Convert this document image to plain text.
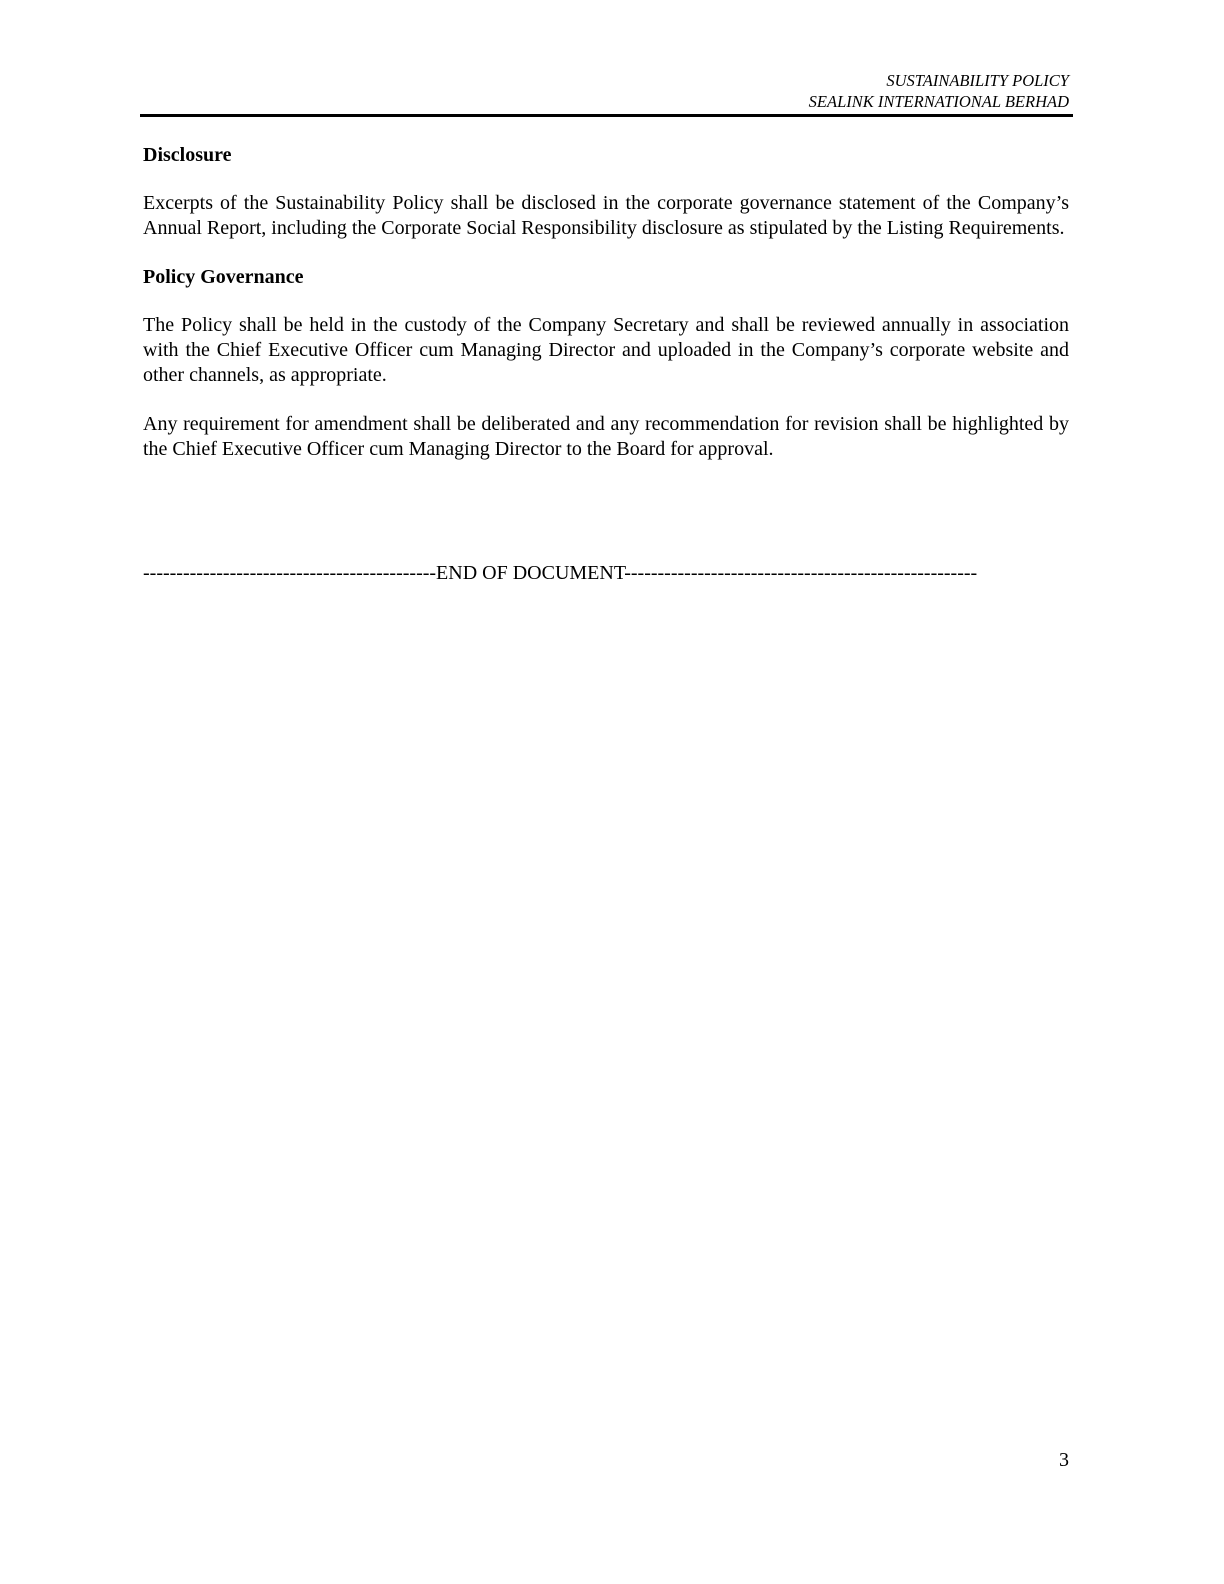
SUSTAINABILITY POLICY
SEALINK INTERNATIONAL BERHAD
Disclosure

Excerpts of the Sustainability Policy shall be disclosed in the corporate governance statement of the Company’s Annual Report, including the Corporate Social Responsibility disclosure as stipulated by the Listing Requirements.

Policy Governance

The Policy shall be held in the custody of the Company Secretary and shall be reviewed annually in association with the Chief Executive Officer cum Managing Director and uploaded in the Company’s corporate website and other channels, as appropriate.

Any requirement for amendment shall be deliberated and any recommendation for revision shall be highlighted by the Chief Executive Officer cum Managing Director to the Board for approval.

--------------------------------------------END OF DOCUMENT-----------------------------------------------------
3
